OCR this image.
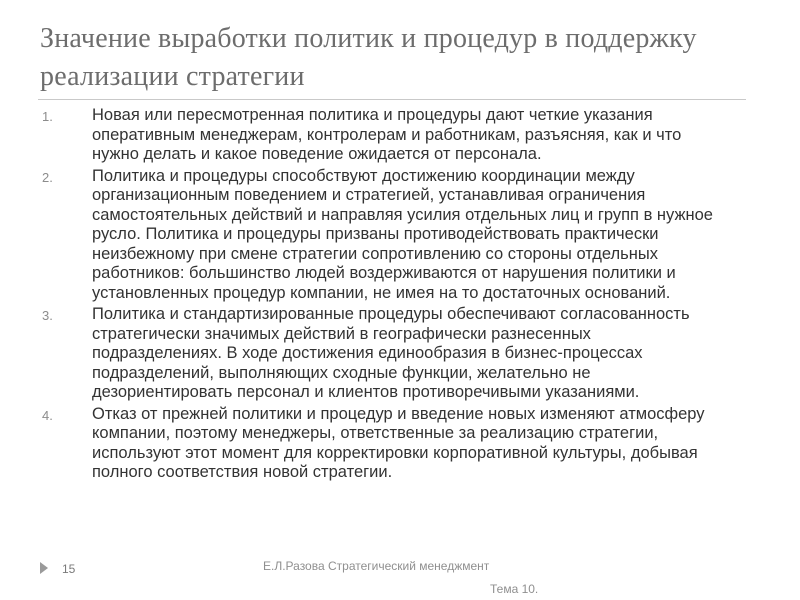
Значение выработки политик и процедур в поддержку реализации стратегии
1. Новая или пересмотренная политика и процедуры дают четкие указания оперативным менеджерам, контролерам и работникам, разъясняя, как и что нужно делать и какое поведение ожидается от персонала.
2. Политика и процедуры способствуют достижению координации между организационным поведением и стратегией, устанавливая ограничения самостоятельных действий и направляя усилия отдельных лиц и групп в нужное русло. Политика и процедуры призваны противодействовать практически неизбежному при смене стратегии сопротивлению со стороны отдельных работников: большинство людей воздерживаются от нарушения политики и установленных процедур компании, не имея на то достаточных оснований.
3. Политика и стандартизированные процедуры обеспечивают согласованность стратегически значимых действий в географически разнесенных подразделениях. В ходе достижения единообразия в бизнес-процессах подразделений, выполняющих сходные функции, желательно не дезориентировать персонал и клиентов противоречивыми указаниями.
4. Отказ от прежней политики и процедур и введение новых изменяют атмосферу компании, поэтому менеджеры, ответственные за реализацию стратегии, используют этот момент для корректировки корпоративной культуры, добывая полного соответствия новой стратегии.
15	Е.Л.Разова Стратегический менеджмент
Тема 10.
